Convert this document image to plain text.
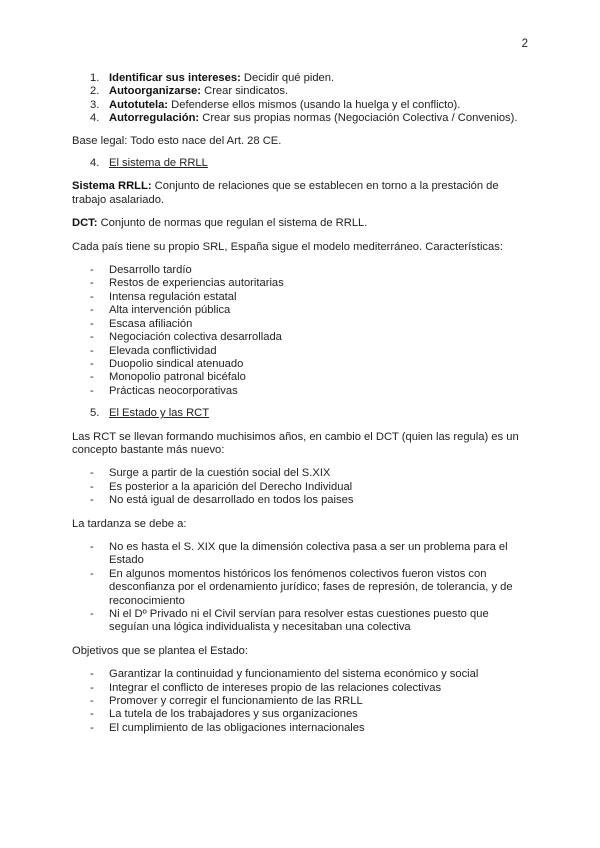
2
1. Identificar sus intereses: Decidir qué piden.
2. Autoorganizarse: Crear sindicatos.
3. Autotutela: Defenderse ellos mismos (usando la huelga y el conflicto).
4. Autorregulación: Crear sus propias normas (Negociación Colectiva / Convenios).

Base legal: Todo esto nace del Art. 28 CE.

4. El sistema de RRLL

Sistema RRLL: Conjunto de relaciones que se establecen en torno a la prestación de trabajo asalariado.

DCT: Conjunto de normas que regulan el sistema de RRLL.

Cada país tiene su propio SRL, España sigue el modelo mediterráneo. Características:

- Desarrollo tardío
- Restos de experiencias autoritarias
- Intensa regulación estatal
- Alta intervención pública
- Escasa afiliación
- Negociación colectiva desarrollada
- Elevada conflictividad
- Duopolio sindical atenuado
- Monopolio patronal bicéfalo
- Prácticas neocorporativas
5. El Estado y las RCT

Las RCT se llevan formando muchisimos años, en cambio el DCT (quien las regula) es un concepto bastante más nuevo:

- Surge a partir de la cuestión social del S.XIX
- Es posterior a la aparición del Derecho Individual
- No está igual de desarrollado en todos los paises

La tardanza se debe a:

- No es hasta el S. XIX que la dimensión colectiva pasa a ser un problema para el Estado
- En algunos momentos históricos los fenómenos colectivos fueron vistos con desconfianza por el ordenamiento jurídico; fases de represión, de tolerancia, y de reconocimiento
- Ni el Dº Privado ni el Civil servían para resolver estas cuestiones puesto que seguían una lógica individualista y necesitaban una colectiva

Objetivos que se plantea el Estado:

- Garantizar la continuidad y funcionamiento del sistema económico y social
- Integrar el conflicto de intereses propio de las relaciones colectivas
- Promover y corregir el funcionamiento de las RRLL
- La tutela de los trabajadores y sus organizaciones
- El cumplimiento de las obligaciones internacionales
